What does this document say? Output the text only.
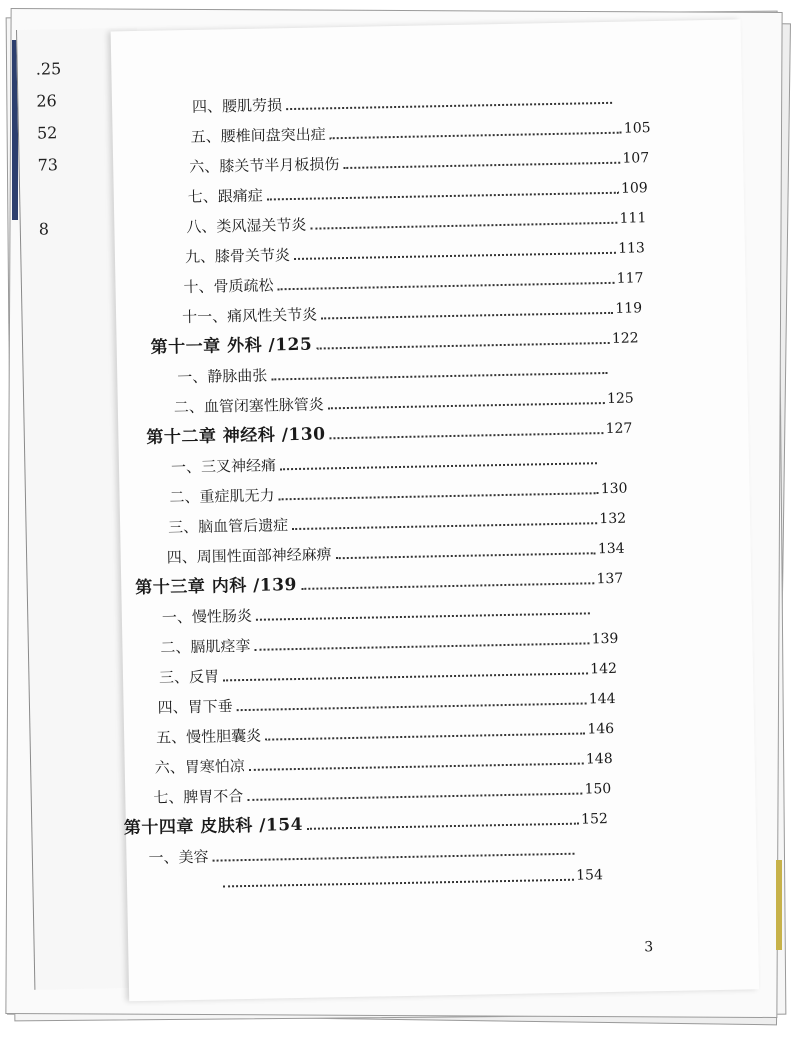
.25
26
52
73
8
四、腰肌劳损
五、腰椎间盘突出症	105
六、膝关节半月板损伤	107
七、跟痛症	109
八、类风湿关节炎	111
九、膝骨关节炎	113
十、骨质疏松	117
十一、痛风性关节炎	119
第十一章 外科 /125	122
一、静脉曲张
二、血管闭塞性脉管炎	125
第十二章 神经科 /130	127
一、三叉神经痛
二、重症肌无力	130
三、脑血管后遗症	132
四、周围性面部神经麻痹	134
第十三章 内科 /139	137
一、慢性肠炎
二、膈肌痉挛	139
三、反胃	142
四、胃下垂	144
五、慢性胆囊炎	146
六、胃寒怕凉	148
七、脾胃不合	150
第十四章 皮肤科 /154	152
一、美容
154
3
